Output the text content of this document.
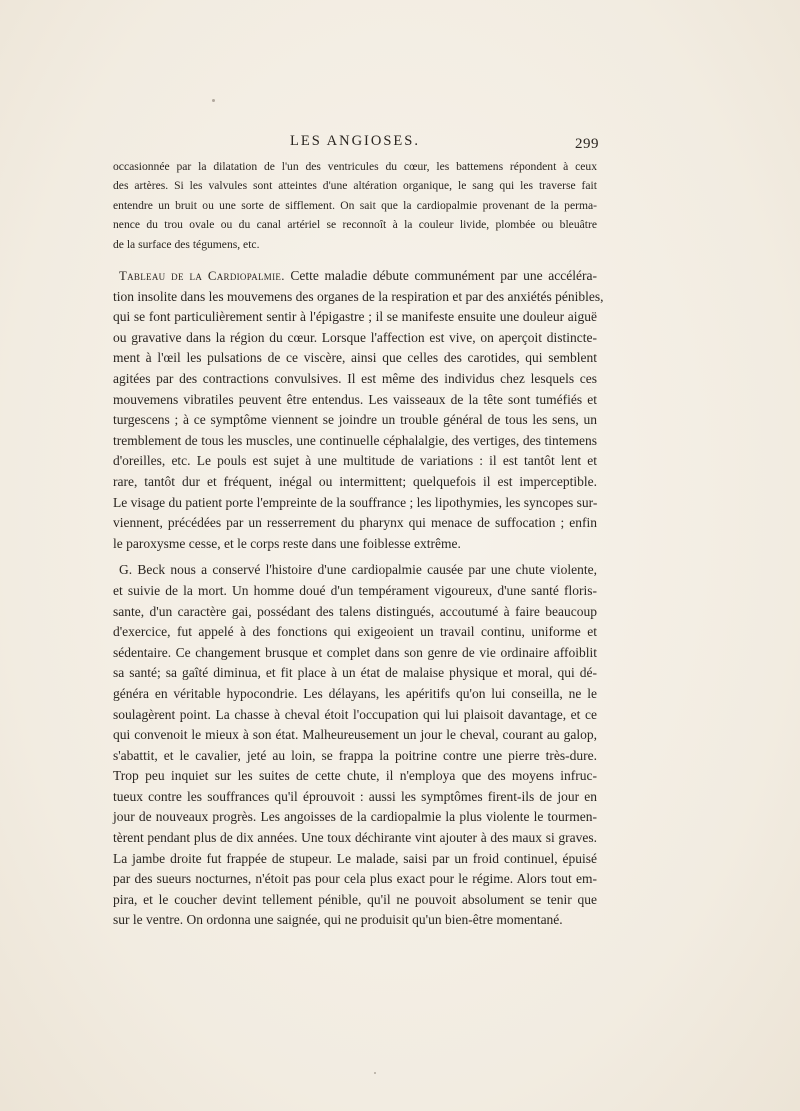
LES ANGIOSES.	299

occasionnée par la dilatation de l'un des ventricules du cœur, les battemens répondent à ceux
des artères. Si les valvules sont atteintes d'une altération organique, le sang qui les traverse fait
entendre un bruit ou une sorte de sifflement. On sait que la cardiopalmie provenant de la perma-
nence du trou ovale ou du canal artériel se reconnoît à la couleur livide, plombée ou bleuâtre
de la surface des tégumens, etc.

Tableau de la Cardiopalmie. Cette maladie débute communément par une accéléra-
tion insolite dans les mouvemens des organes de la respiration et par des anxiétés pénibles,
qui se font particulièrement sentir à l'épigastre ; il se manifeste ensuite une douleur aiguë
ou gravative dans la région du cœur. Lorsque l'affection est vive, on aperçoit distincte-
ment à l'œil les pulsations de ce viscère, ainsi que celles des carotides, qui semblent
agitées par des contractions convulsives. Il est même des individus chez lesquels ces
mouvemens vibratiles peuvent être entendus. Les vaisseaux de la tête sont tuméfiés et
turgescens ; à ce symptôme viennent se joindre un trouble général de tous les sens, un
tremblement de tous les muscles, une continuelle céphalalgie, des vertiges, des tintemens
d'oreilles, etc. Le pouls est sujet à une multitude de variations : il est tantôt lent et
rare, tantôt dur et fréquent, inégal ou intermittent; quelquefois il est imperceptible.
Le visage du patient porte l'empreinte de la souffrance ; les lipothymies, les syncopes sur-
viennent, précédées par un resserrement du pharynx qui menace de suffocation ; enfin
le paroxysme cesse, et le corps reste dans une foiblesse extrême.

G. Beck nous a conservé l'histoire d'une cardiopalmie causée par une chute violente,
et suivie de la mort. Un homme doué d'un tempérament vigoureux, d'une santé floris-
sante, d'un caractère gai, possédant des talens distingués, accoutumé à faire beaucoup
d'exercice, fut appelé à des fonctions qui exigeoient un travail continu, uniforme et
sédentaire. Ce changement brusque et complet dans son genre de vie ordinaire affoiblit
sa santé; sa gaîté diminua, et fit place à un état de malaise physique et moral, qui dé-
généra en véritable hypocondrie. Les délayans, les apéritifs qu'on lui conseilla, ne le
soulagèrent point. La chasse à cheval étoit l'occupation qui lui plaisoit davantage, et ce
qui convenoit le mieux à son état. Malheureusement un jour le cheval, courant au galop,
s'abattit, et le cavalier, jeté au loin, se frappa la poitrine contre une pierre très-dure.
Trop peu inquiet sur les suites de cette chute, il n'employa que des moyens infruc-
tueux contre les souffrances qu'il éprouvoit : aussi les symptômes firent-ils de jour en
jour de nouveaux progrès. Les angoisses de la cardiopalmie la plus violente le tourmen-
tèrent pendant plus de dix années. Une toux déchirante vint ajouter à des maux si graves.
La jambe droite fut frappée de stupeur. Le malade, saisi par un froid continuel, épuisé
par des sueurs nocturnes, n'étoit pas pour cela plus exact pour le régime. Alors tout em-
pira, et le coucher devint tellement pénible, qu'il ne pouvoit absolument se tenir que
sur le ventre. On ordonna une saignée, qui ne produisit qu'un bien-être momentané.
